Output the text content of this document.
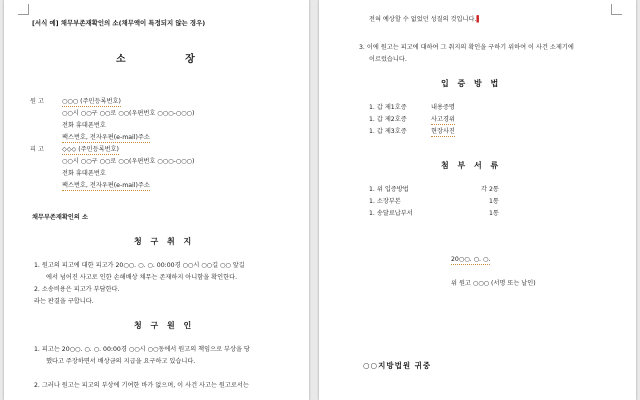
[서식 예] 채무부존재확인의 소(채무액이 특정되지 않는 경우)
소 장
원 고	○○○ (주민등록번호)
○○시 ○○구 ○○로 ○○(우편번호 ○○○-○○○)
전화 휴대폰번호
팩스번호, 전자우편(e-mail)주소
피 고	◇◇◇ (주민등록번호)
○○시 ○○구 ○○로 ○○(우편번호 ○○○-○○○)
전화 휴대폰번호
팩스번호, 전자우편(e-mail)주소
채무부존재확인의 소
청 구 취 지
1. 원고의 피고에 대한 피고가 20○○. ○. ○. 00:00경 ○○시 ○○길 ○○ 앞길
에서 넘어진 사고로 인한 손해배상 채무는 존재하지 아니함을 확인한다.
2. 소송비용은 피고가 부담한다.
라는 판결을 구합니다.
청 구 원 인
1. 피고는 20○○. ○. ○. 00:00경 ○○시 ○○동에서 원고의 책임으로 부상을 당
했다고 주장하면서 배상금의 지급을 요구하고 있습니다.
2. 그러나 원고는 피고의 부상에 기여한 바가 없으며, 이 사건 사고는 원고로서는
전혀 예상할 수 없었던 성질의 것입니다.▌
3. 이에 원고는 피고에 대하여 그 취지의 확인을 구하기 위하여 이 사건 소제기에
이르렀습니다.
입 증 방 법
1. 갑 제1호증	내용증명
1. 갑 제2호증	사고경위
1. 갑 제3호증	현장사진
첨 부 서 류
1. 위 입증방법	각 2통
1. 소장부본	1통
1. 송달료납부서	1통
20○○. ○. ○.
위 원고 ○○○ (서명 또는 날인)
○○지방법원 귀중
